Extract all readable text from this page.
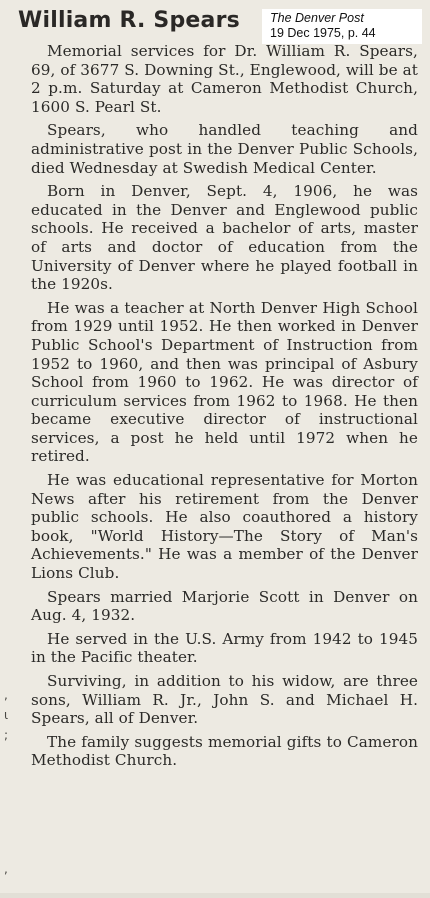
William R. Spears The Denver Post
19 Dec 1975, p. 44

Memorial services for Dr. William R. Spears, 69, of 3677 S. Downing St., Englewood, will be at 2 p.m. Saturday at Cameron Methodist Church, 1600 S. Pearl St.

Spears, who handled teaching and administrative post in the Denver Public Schools, died Wednesday at Swedish Medical Center.

Born in Denver, Sept. 4, 1906, he was educated in the Denver and Englewood public schools. He received a bachelor of arts, master of arts and doctor of education from the University of Denver where he played football in the 1920s.

He was a teacher at North Denver High School from 1929 until 1952. He then worked in Denver Public School's Department of Instruction from 1952 to 1960, and then was principal of Asbury School from 1960 to 1962. He was director of curriculum services from 1962 to 1968. He then became executive director of instructional services, a post he held until 1972 when he retired.

He was educational representative for Morton News after his retirement from the Denver public schools. He also coauthored a history book, "World History—The Story of Man's Achievements." He was a member of the Denver Lions Club.

Spears married Marjorie Scott in Denver on Aug. 4, 1932.

He served in the U.S. Army from 1942 to 1945 in the Pacific theater.

Surviving, in addition to his widow, are three sons, William R. Jr., John S. and Michael H. Spears, all of Denver.

The family suggests memorial gifts to Cameron Methodist Church.

,
ι
;
,
